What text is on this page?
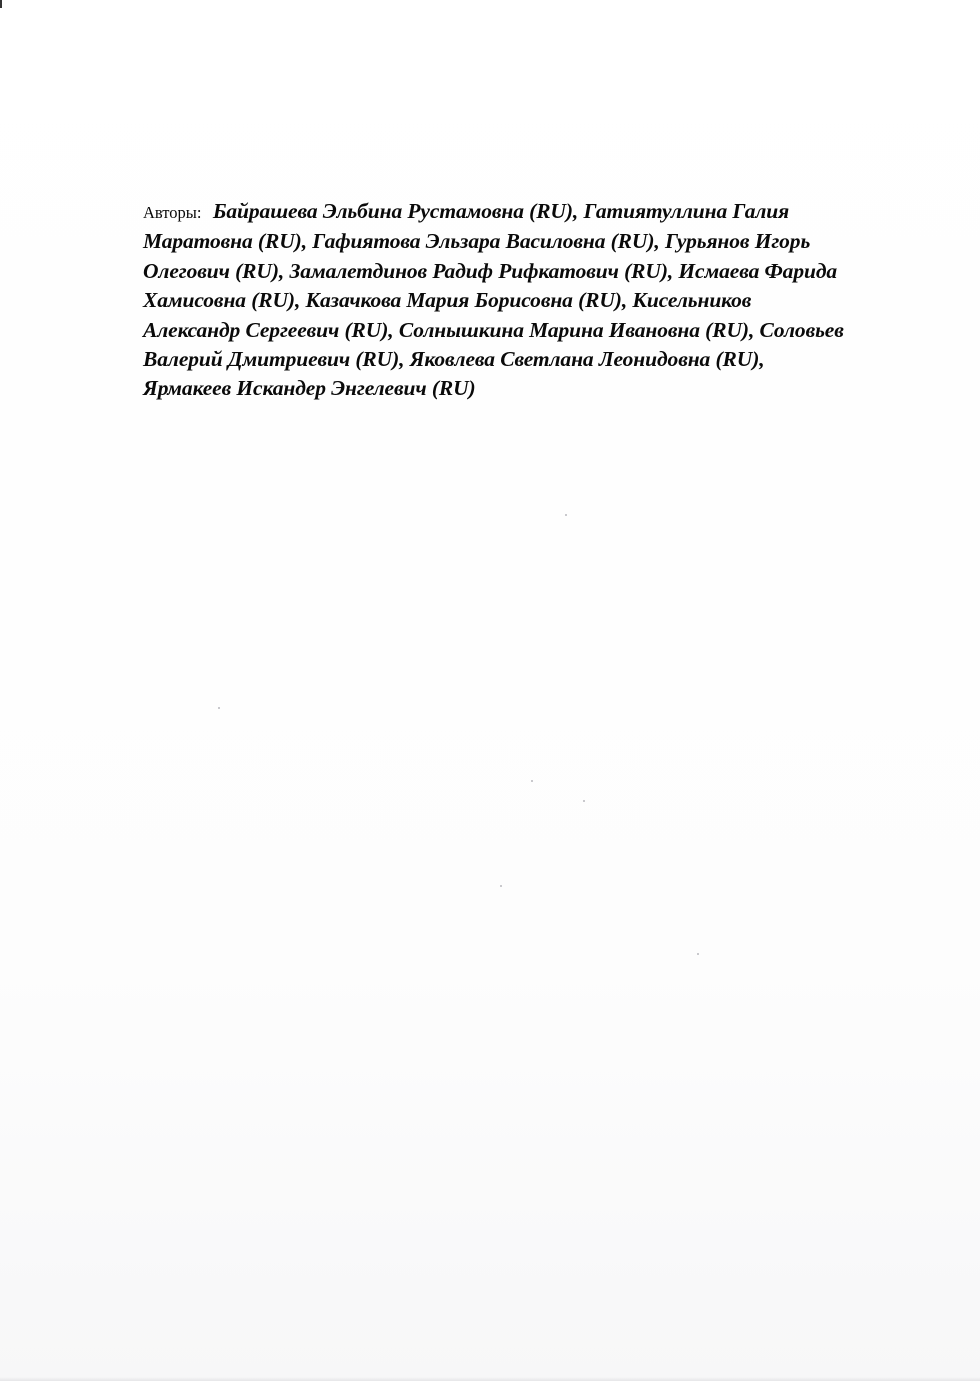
Авторы: Байрашева Эльбина Рустамовна (RU), Гатиятуллина Галия Маратовна (RU), Гафиятова Эльзара Василовна (RU), Гурьянов Игорь Олегович (RU), Замалетдинов Радиф Рифкатович (RU), Исмаева Фарида Хамисовна (RU), Казачкова Мария Борисовна (RU), Кисельников Александр Сергеевич (RU), Солнышкина Марина Ивановна (RU), Соловьев Валерий Дмитриевич (RU), Яковлева Светлана Леонидовна (RU), Ярмакеев Искандер Энгелевич (RU)
